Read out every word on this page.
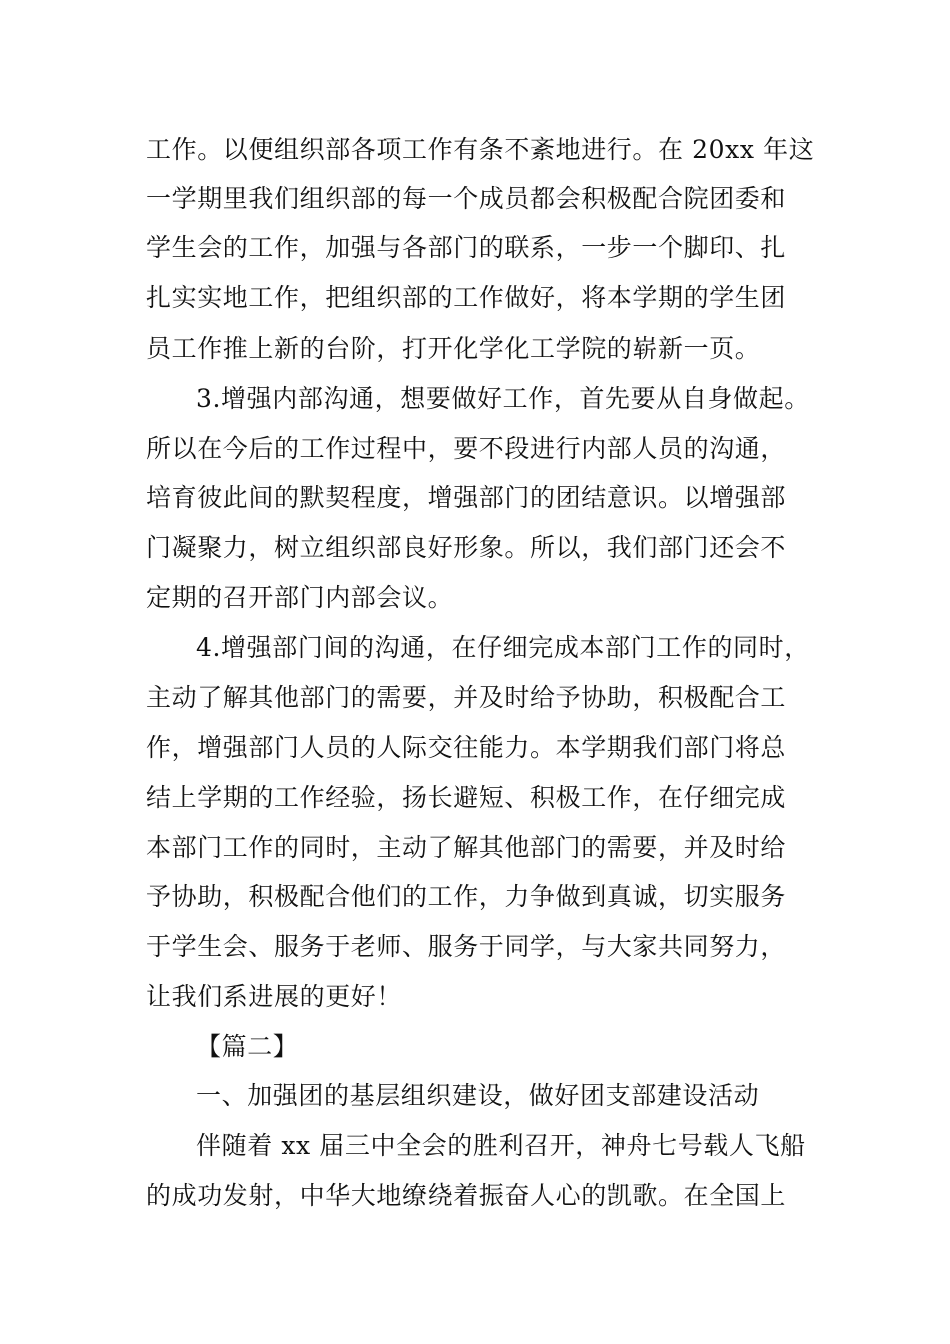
工作。以便组织部各项工作有条不紊地进行。在 20xx 年这
一学期里我们组织部的每一个成员都会积极配合院团委和
学生会的工作，加强与各部门的联系，一步一个脚印、扎
扎实实地工作，把组织部的工作做好，将本学期的学生团
员工作推上新的台阶，打开化学化工学院的崭新一页。
3.增强内部沟通，想要做好工作，首先要从自身做起。
所以在今后的工作过程中，要不段进行内部人员的沟通，
培育彼此间的默契程度，增强部门的团结意识。以增强部
门凝聚力，树立组织部良好形象。所以，我们部门还会不
定期的召开部门内部会议。
4.增强部门间的沟通，在仔细完成本部门工作的同时，
主动了解其他部门的需要，并及时给予协助，积极配合工
作，增强部门人员的人际交往能力。本学期我们部门将总
结上学期的工作经验，扬长避短、积极工作，在仔细完成
本部门工作的同时，主动了解其他部门的需要，并及时给
予协助，积极配合他们的工作，力争做到真诚，切实服务
于学生会、服务于老师、服务于同学，与大家共同努力，
让我们系进展的更好！
【篇二】
一、加强团的基层组织建设，做好团支部建设活动
伴随着 xx 届三中全会的胜利召开，神舟七号载人飞船
的成功发射，中华大地缭绕着振奋人心的凯歌。在全国上
